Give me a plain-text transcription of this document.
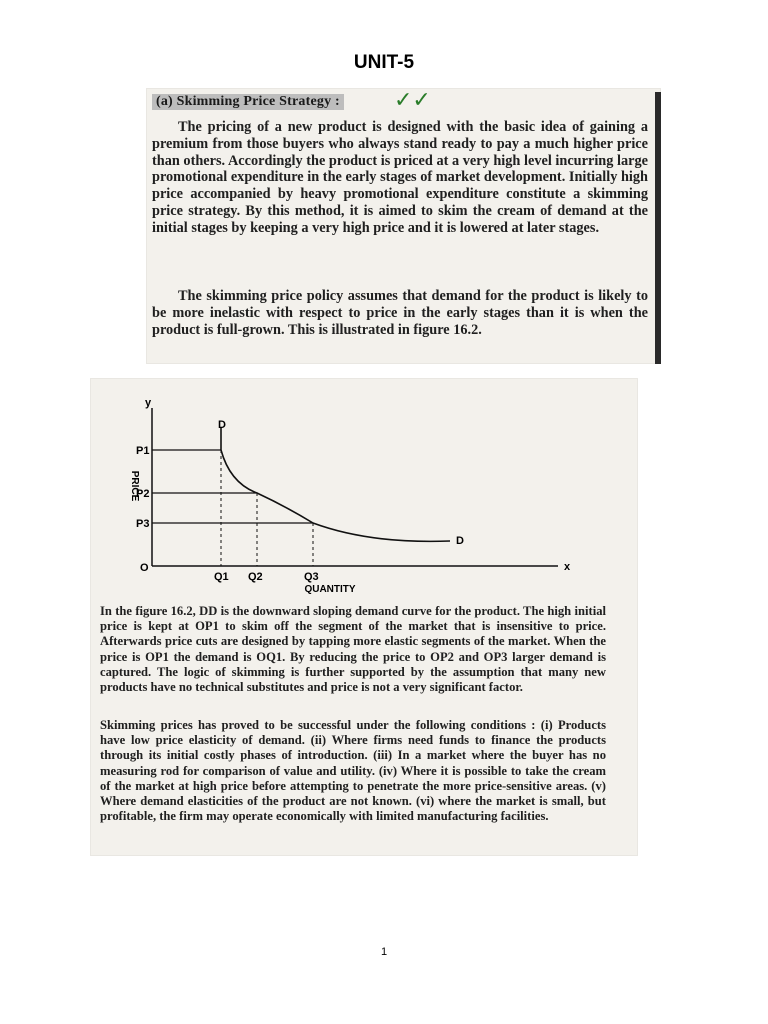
UNIT-5
(a) Skimming Price Strategy : ✓✓
The pricing of a new product is designed with the basic idea of gaining a premium from those buyers who always stand ready to pay a much higher price than others. Accordingly the product is priced at a very high level incurring large promotional expenditure in the early stages of market development. Initially high price accompanied by heavy promotional expenditure constitute a skimming price strategy. By this method, it is aimed to skim the cream of demand at the initial stages by keeping a very high price and it is lowered at later stages.
The skimming price policy assumes that demand for the product is likely to be more inelastic with respect to price in the early stages than it is when the product is full-grown. This is illustrated in figure 16.2.
y
x
O
D
D
P1
P2
P3
Q1 Q2	Q3
PRICE
QUANTITY
In the figure 16.2, DD is the downward sloping demand curve for the product. The high initial price is kept at OP1 to skim off the segment of the market that is insensitive to price. Afterwards price cuts are designed by tapping more elastic segments of the market. When the price is OP1 the demand is OQ1. By reducing the price to OP2 and OP3 larger demand is captured. The logic of skimming is further supported by the assumption that many new products have no technical substitutes and price is not a very significant factor.
Skimming prices has proved to be successful under the following conditions : (i) Products have low price elasticity of demand. (ii) Where firms need funds to finance the products through its initial costly phases of introduction. (iii) In a market where the buyer has no measuring rod for comparison of value and utility. (iv) Where it is possible to take the cream of the market at high price before attempting to penetrate the more price-sensitive areas. (v) Where demand elasticities of the product are not known. (vi) where the market is small, but profitable, the firm may operate economically with limited manufacturing facilities.
1
